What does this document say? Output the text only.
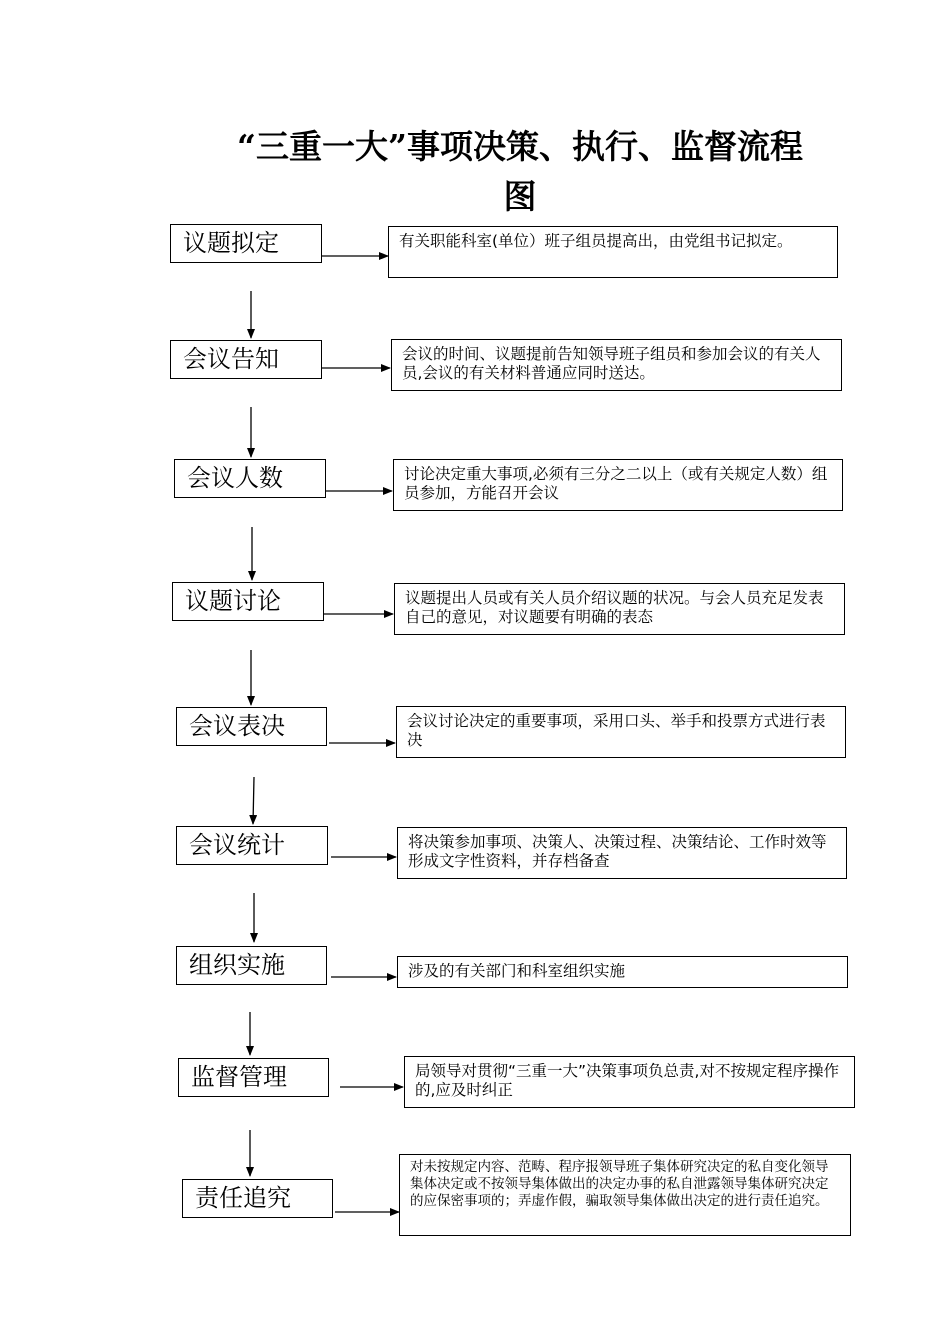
“三重一大”事项决策、执行、监督流程
图
议题拟定	有关职能科室(单位）班子组员提高出，由党组书记拟定。
会议告知	会议的时间、议题提前告知领导班子组员和参加会议的有关人员,会议的有关材料普通应同时送达。
会议人数	讨论决定重大事项,必须有三分之二以上（或有关规定人数）组员参加，方能召开会议
议题讨论	议题提出人员或有关人员介绍议题的状况。与会人员充足发表自己的意见，对议题要有明确的表态
会议表决	会议讨论决定的重要事项，采用口头、举手和投票方式进行表决
会议统计	将决策参加事项、决策人、决策过程、决策结论、工作时效等形成文字性资料，并存档备查
组织实施	涉及的有关部门和科室组织实施
监督管理	局领导对贯彻“三重一大”决策事项负总责,对不按规定程序操作的,应及时纠正
责任追究
对未按规定内容、范畴、程序报领导班子集体研究决定的私自变化领导集体决定或不按领导集体做出的决定办事的私自泄露领导集体研究决定的应保密事项的；弄虚作假，骗取领导集体做出决定的进行责任追究。
